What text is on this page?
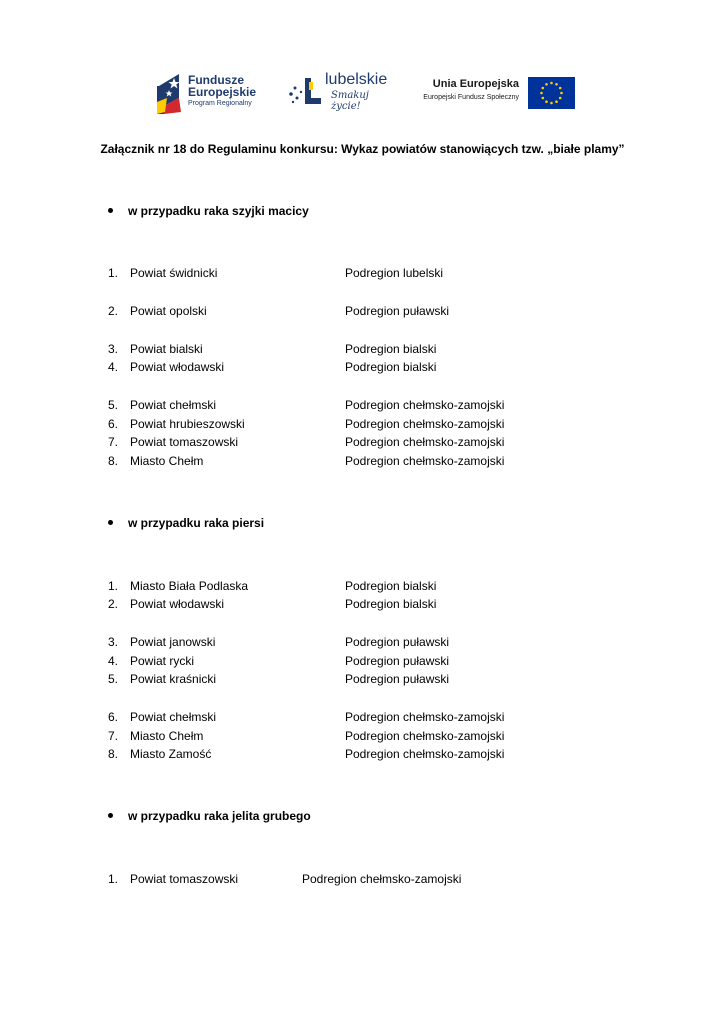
Fundusze
Europejskie
Program Regionalny
lubelskie
Smakuj życie!
Unia Europejska
Europejski Fundusz Społeczny
Załącznik nr 18 do Regulaminu konkursu: Wykaz powiatów stanowiących tzw. „białe plamy”
w przypadku raka szyjki macicy
1. Powiat świdnicki	Podregion lubelski
2. Powiat opolski	Podregion puławski
3. Powiat bialski	Podregion bialski
4. Powiat włodawski	Podregion bialski
5. Powiat chełmski	Podregion chełmsko-zamojski
6. Powiat hrubieszowski	Podregion chełmsko-zamojski
7. Powiat tomaszowski	Podregion chełmsko-zamojski
8. Miasto Chełm	Podregion chełmsko-zamojski
w przypadku raka piersi
1. Miasto Biała Podlaska	Podregion bialski
2. Powiat włodawski	Podregion bialski
3. Powiat janowski	Podregion puławski
4. Powiat rycki	Podregion puławski
5. Powiat kraśnicki	Podregion puławski
6. Powiat chełmski	Podregion chełmsko-zamojski
7. Miasto Chełm	Podregion chełmsko-zamojski
8. Miasto Zamość	Podregion chełmsko-zamojski
w przypadku raka jelita grubego
1. Powiat tomaszowski	Podregion chełmsko-zamojski
